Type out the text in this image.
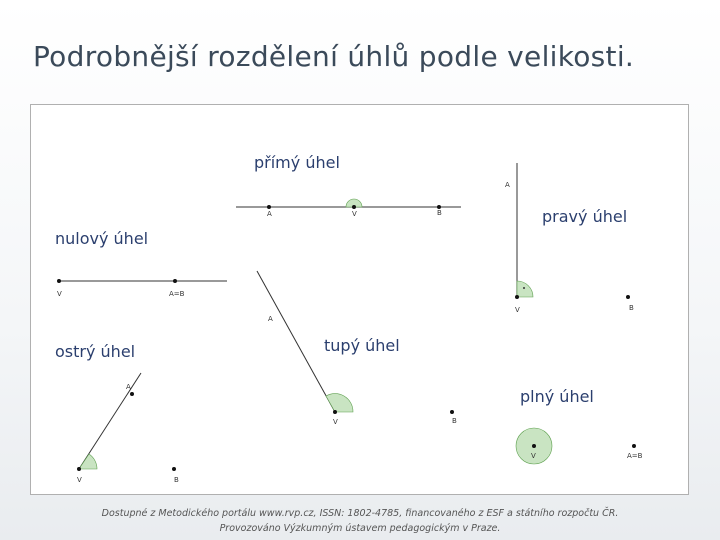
Podrobnější rozdělení úhlů podle velikosti.
A	V	B
A
V	B
V	A=B
A
V	B
A
V	B
V	A=B
přímý úhel
pravý úhel
nulový úhel
ostrý úhel	tupý úhel
plný úhel
Dostupné z Metodického portálu www.rvp.cz, ISSN: 1802-4785, financovaného z ESF a státního rozpočtu ČR.
Provozováno Výzkumným ústavem pedagogickým v Praze.
